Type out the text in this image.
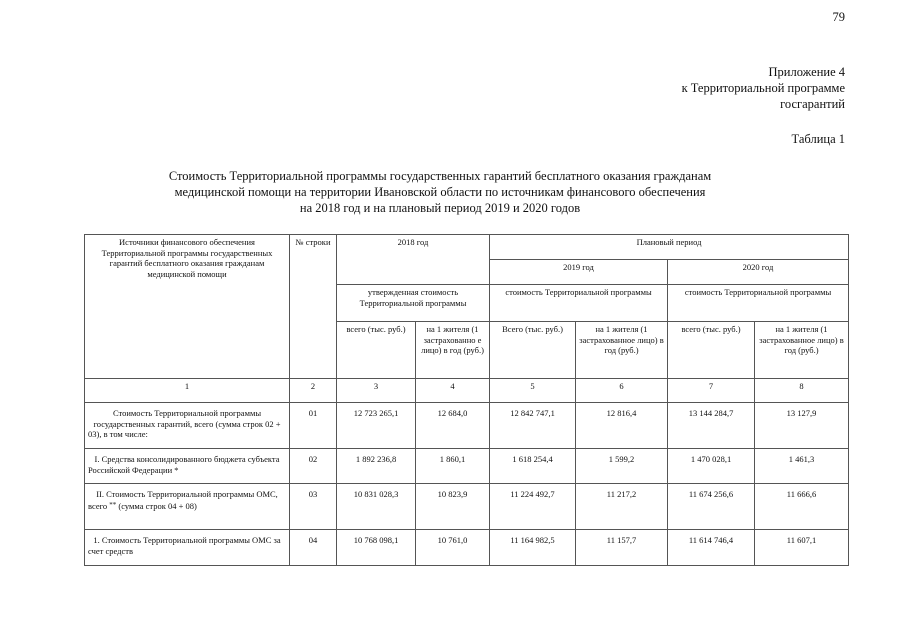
79
Приложение 4
к Территориальной программе
госгарантий
Таблица 1
Стоимость Территориальной программы государственных гарантий бесплатного оказания гражданам
медицинской помощи на территории Ивановской области по источникам финансового обеспечения
на 2018 год и на плановый период 2019 и 2020 годов
Источники финансового обеспечения Территориальной программы государственных гарантий бесплатного оказания гражданам медицинской помощи	№ строки	2018 год		Плановый период			
				2019 год		2020 год	
		утвержденная стоимость Территориальной программы		стоимость Территориальной программы		стоимость Территориальной программы	
		всего (тыс. руб.)	на 1 жителя (1 застрахованно е лицо) в год (руб.)	Всего (тыс. руб.)	на 1 жителя (1 застрахованное лицо) в год (руб.)	всего (тыс. руб.)	на 1 жителя (1 застрахованное лицо) в год (руб.)
1	2	3	4	5	6	7	8
Стоимость Территориальной программы государственных гарантий, всего (сумма строк 02 + 03), в том числе:	01	12 723 265,1	12 684,0	12 842 747,1	12 816,4	13 144 284,7	13 127,9
I. Средства консолидированного бюджета субъекта Российской Федерации *	02	1 892 236,8	1 860,1	1 618 254,4	1 599,2	1 470 028,1	1 461,3
II. Стоимость Территориальной программы ОМС, всего ** (сумма строк 04 + 08)	03	10 831 028,3	10 823,9	11 224 492,7	11 217,2	11 674 256,6	11 666,6
1. Стоимость Территориальной программы ОМС за счет средств	04	10 768 098,1	10 761,0	11 164 982,5	11 157,7	11 614 746,4	11 607,1
